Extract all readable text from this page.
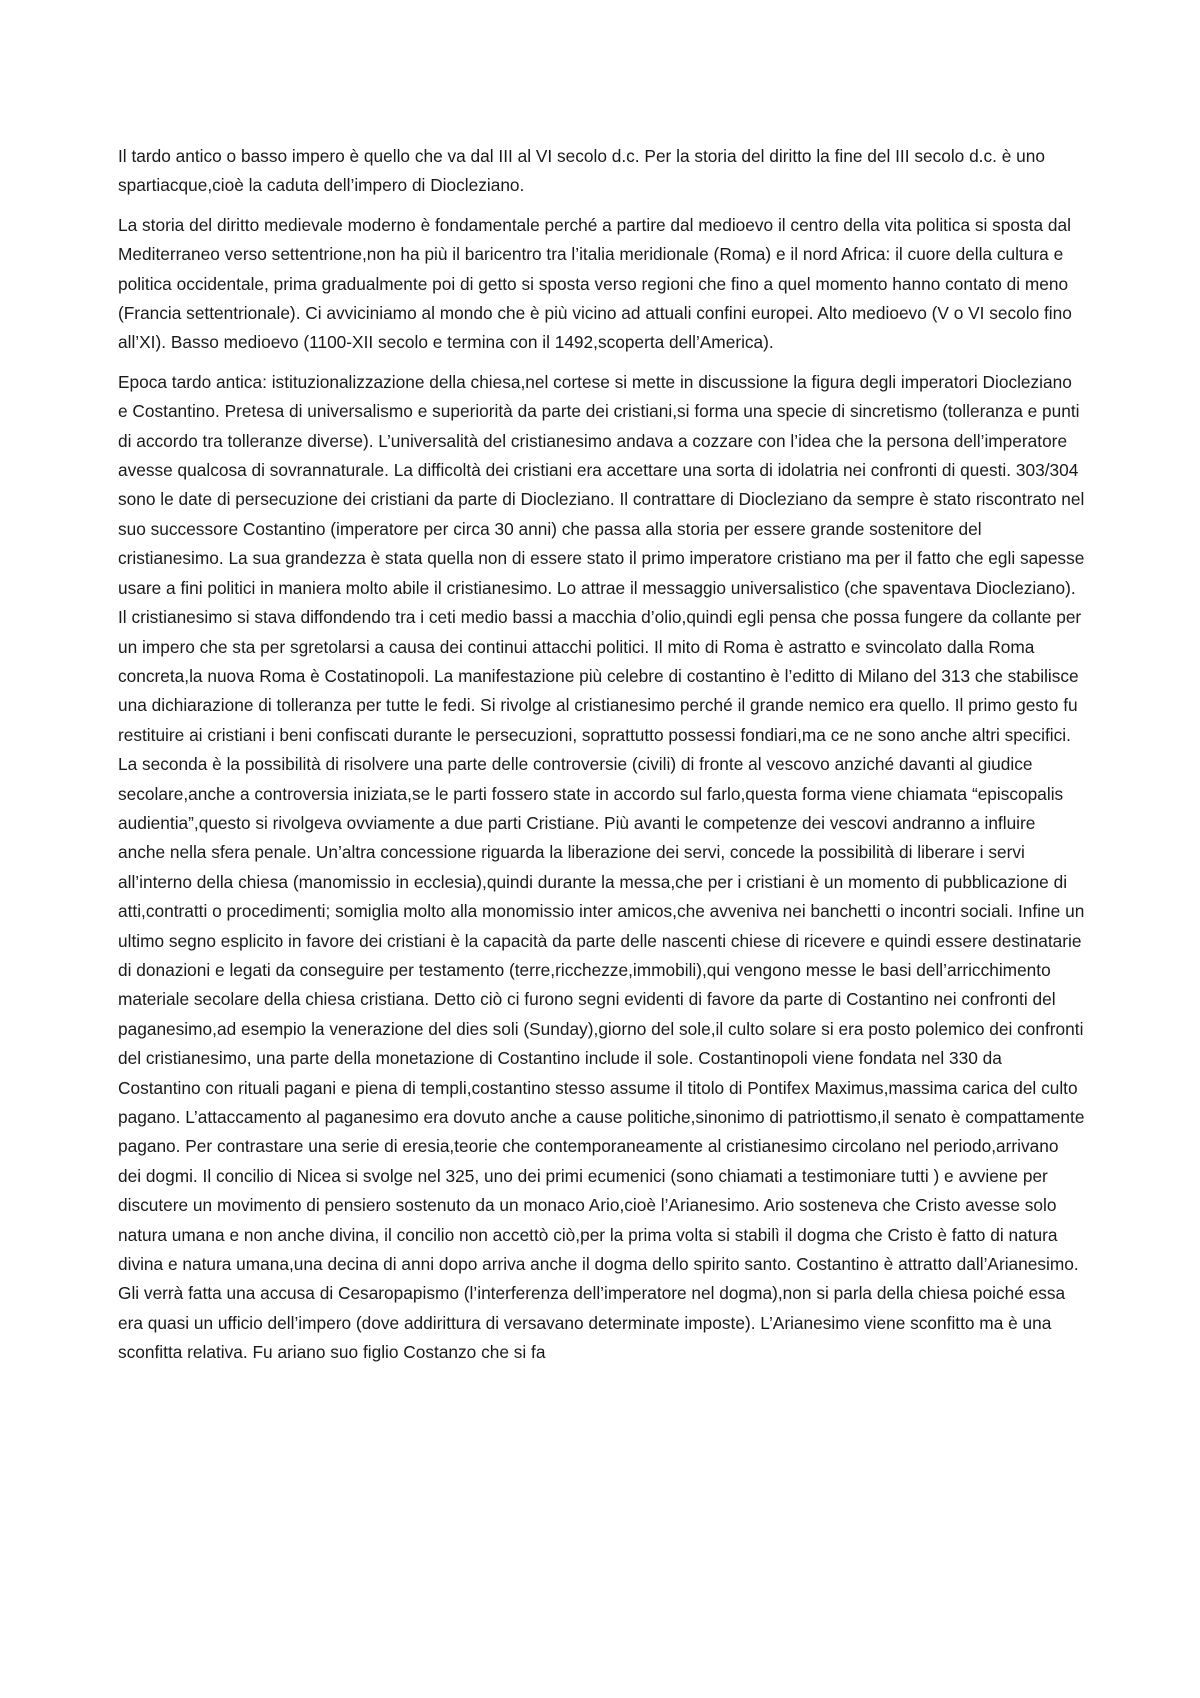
Il tardo antico o basso impero è quello che va dal III al VI secolo d.c. Per la storia del diritto la fine del III secolo d.c. è uno spartiacque,cioè la caduta dell’impero di Diocleziano.

La storia del diritto medievale moderno è fondamentale perché a partire dal medioevo il centro della vita politica si sposta dal Mediterraneo verso settentrione,non ha più il baricentro tra l’italia meridionale (Roma) e il nord Africa: il cuore della cultura e politica occidentale, prima gradualmente poi di getto si sposta verso regioni che fino a quel momento hanno contato di meno (Francia settentrionale). Ci avviciniamo al mondo che è più vicino ad attuali confini europei. Alto medioevo (V o VI secolo fino all’XI). Basso medioevo (1100-XII secolo e termina con il 1492,scoperta dell’America).

Epoca tardo antica: istituzionalizzazione della chiesa,nel cortese si mette in discussione la figura degli imperatori Diocleziano e Costantino. Pretesa di universalismo e superiorità da parte dei cristiani,si forma una specie di sincretismo (tolleranza e punti di accordo tra tolleranze diverse). L’universalità del cristianesimo andava a cozzare con l’idea che la persona dell’imperatore avesse qualcosa di sovrannaturale. La difficoltà dei cristiani era accettare una sorta di idolatria nei confronti di questi. 303/304 sono le date di persecuzione dei cristiani da parte di Diocleziano. Il contrattare di Diocleziano da sempre è stato riscontrato nel suo successore Costantino (imperatore per circa 30 anni) che passa alla storia per essere grande sostenitore del cristianesimo. La sua grandezza è stata quella non di essere stato il primo imperatore cristiano ma per il fatto che egli sapesse usare a fini politici in maniera molto abile il cristianesimo. Lo attrae il messaggio universalistico (che spaventava Diocleziano). Il cristianesimo si stava diffondendo tra i ceti medio bassi a macchia d’olio,quindi egli pensa che possa fungere da collante per un impero che sta per sgretolarsi a causa dei continui attacchi politici. Il mito di Roma è astratto e svincolato dalla Roma concreta,la nuova Roma è Costatinopoli. La manifestazione più celebre di costantino è l’editto di Milano del 313 che stabilisce una dichiarazione di tolleranza per tutte le fedi. Si rivolge al cristianesimo perché il grande nemico era quello. Il primo gesto fu restituire ai cristiani i beni confiscati durante le persecuzioni, soprattutto possessi fondiari,ma ce ne sono anche altri specifici. La seconda è la possibilità di risolvere una parte delle controversie (civili) di fronte al vescovo anziché davanti al giudice secolare,anche a controversia iniziata,se le parti fossero state in accordo sul farlo,questa forma viene chiamata “episcopalis audientia”,questo si rivolgeva ovviamente a due parti Cristiane. Più avanti le competenze dei vescovi andranno a influire anche nella sfera penale. Un’altra concessione riguarda la liberazione dei servi, concede la possibilità di liberare i servi all’interno della chiesa (manomissio in ecclesia),quindi durante la messa,che per i cristiani è un momento di pubblicazione di atti,contratti o procedimenti; somiglia molto alla monomissio inter amicos,che avveniva nei banchetti o incontri sociali. Infine un ultimo segno esplicito in favore dei cristiani è la capacità da parte delle nascenti chiese di ricevere e quindi essere destinatarie di donazioni e legati da conseguire per testamento (terre,ricchezze,immobili),qui vengono messe le basi dell’arricchimento materiale secolare della chiesa cristiana. Detto ciò ci furono segni evidenti di favore da parte di Costantino nei confronti del paganesimo,ad esempio la venerazione del dies soli (Sunday),giorno del sole,il culto solare si era posto polemico dei confronti del cristianesimo, una parte della monetazione di Costantino include il sole. Costantinopoli viene fondata nel 330 da Costantino con rituali pagani e piena di templi,costantino stesso assume il titolo di Pontifex Maximus,massima carica del culto pagano. L’attaccamento al paganesimo era dovuto anche a cause politiche,sinonimo di patriottismo,il senato è compattamente pagano. Per contrastare una serie di eresia,teorie che contemporaneamente al cristianesimo circolano nel periodo,arrivano dei dogmi. Il concilio di Nicea si svolge nel 325, uno dei primi ecumenici (sono chiamati a testimoniare tutti ) e avviene per discutere un movimento di pensiero sostenuto da un monaco Ario,cioè l’Arianesimo. Ario sosteneva che Cristo avesse solo natura umana e non anche divina, il concilio non accettò ciò,per la prima volta si stabilì il dogma che Cristo è fatto di natura divina e natura umana,una decina di anni dopo arriva anche il dogma dello spirito santo. Costantino è attratto dall’Arianesimo. Gli verrà fatta una accusa di Cesaropapismo (l’interferenza dell’imperatore nel dogma),non si parla della chiesa poiché essa era quasi un ufficio dell’impero (dove addirittura di versavano determinate imposte). L’Arianesimo viene sconfitto ma è una sconfitta relativa. Fu ariano suo figlio Costanzo che si fa
